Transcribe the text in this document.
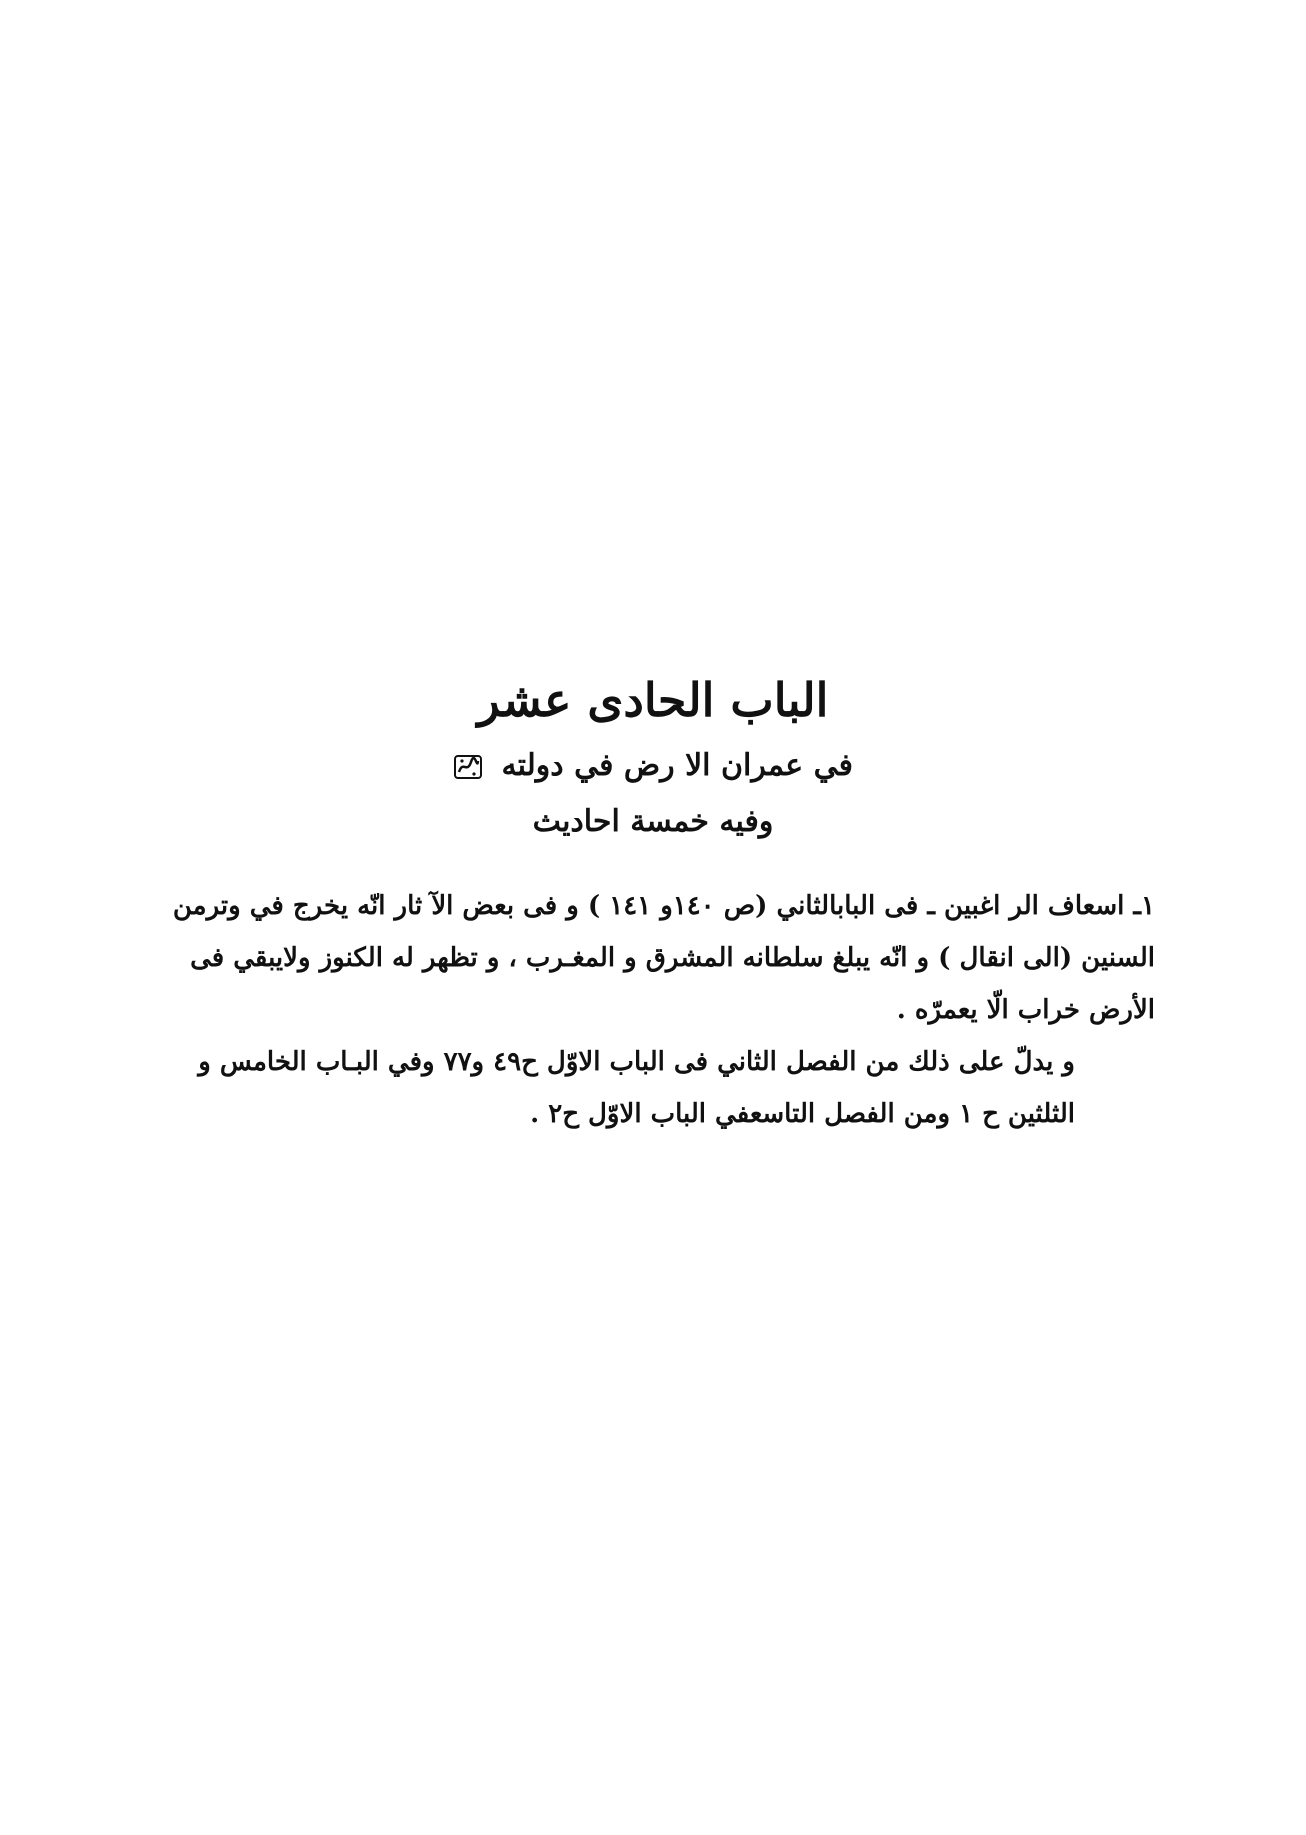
الباب الحادى عشر

في عمران الا رض في دولته

وفيه خمسة احاديث

١ـ اسعاف الر اغبين ـ فى البابالثاني (ص ١٤٠و ١٤١ ) و فى بعض الآ ثار انّه يخرج في وترمن السنين (الى انقال ) و انّه يبلغ سلطانه المشرق و المغـرب ، و تظهر له الكنوز ولايبقي فى الأرض خراب الّا يعمرّه .

و يدلّ على ذلك من الفصل الثاني فى الباب الاوّل ح٤٩ و٧٧ وفي البـاب الخامس و الثلثين ح ١ ومن الفصل التاسعفي الباب الاوّل ح٢ .
